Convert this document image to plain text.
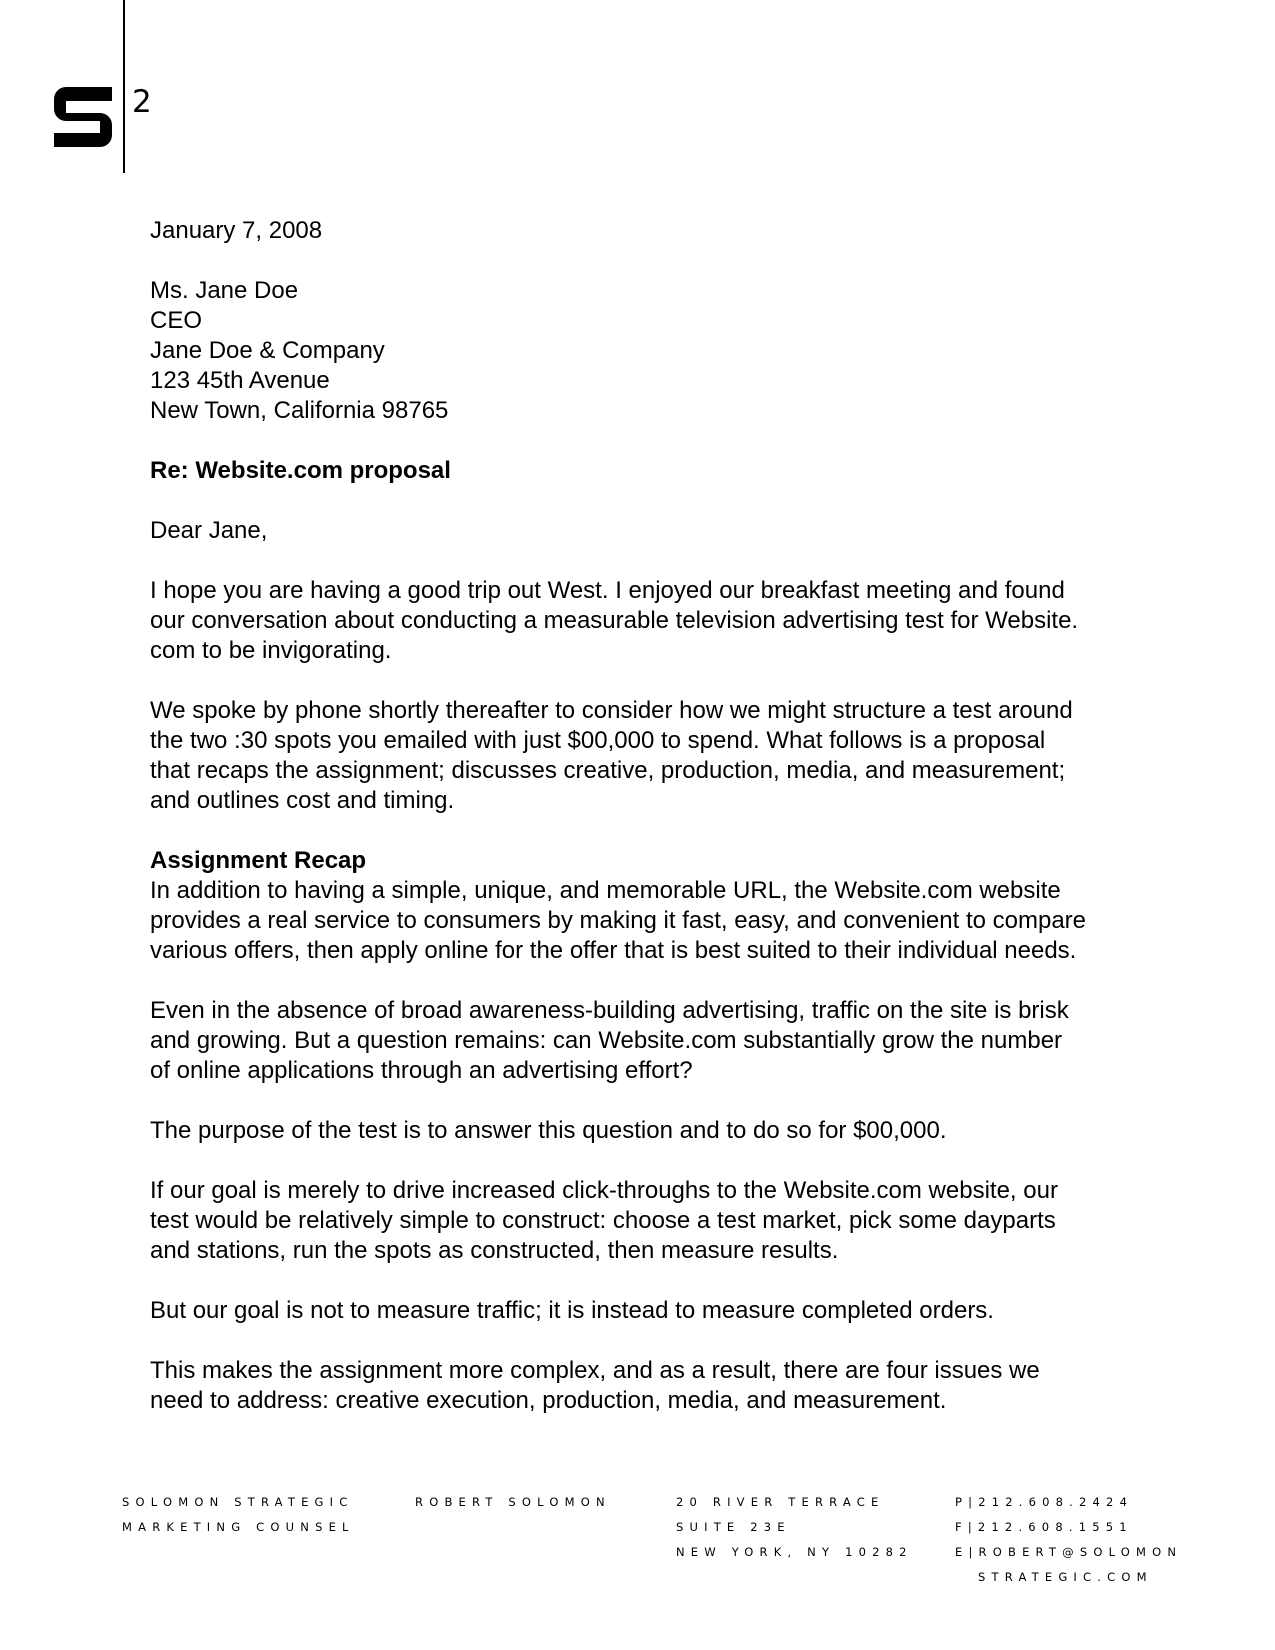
2

January 7, 2008

Ms. Jane Doe
CEO
Jane Doe & Company
123 45th Avenue
New Town, California 98765

Re: Website.com proposal

Dear Jane,

I hope you are having a good trip out West. I enjoyed our breakfast meeting and found
our conversation about conducting a measurable television advertising test for Website.
com to be invigorating.

We spoke by phone shortly thereafter to consider how we might structure a test around
the two :30 spots you emailed with just $00,000 to spend. What follows is a proposal
that recaps the assignment; discusses creative, production, media, and measurement;
and outlines cost and timing.

Assignment Recap
In addition to having a simple, unique, and memorable URL, the Website.com website
provides a real service to consumers by making it fast, easy, and convenient to compare
various offers, then apply online for the offer that is best suited to their individual needs.

Even in the absence of broad awareness-building advertising, traffic on the site is brisk
and growing. But a question remains: can Website.com substantially grow the number
of online applications through an advertising effort?

The purpose of the test is to answer this question and to do so for $00,000.

If our goal is merely to drive increased click-throughs to the Website.com website, our
test would be relatively simple to construct: choose a test market, pick some dayparts
and stations, run the spots as constructed, then measure results.

But our goal is not to measure traffic; it is instead to measure completed orders.

This makes the assignment more complex, and as a result, there are four issues we
need to address: creative execution, production, media, and measurement.

SOLOMON STRATEGIC
MARKETING COUNSEL
ROBERT SOLOMON	20 RIVER TERRACE
SUITE 23E
NEW YORK, NY 10282
P|212.608.2424
F|212.608.1551
E|ROBERT@SOLOMON
STRATEGIC.COM
